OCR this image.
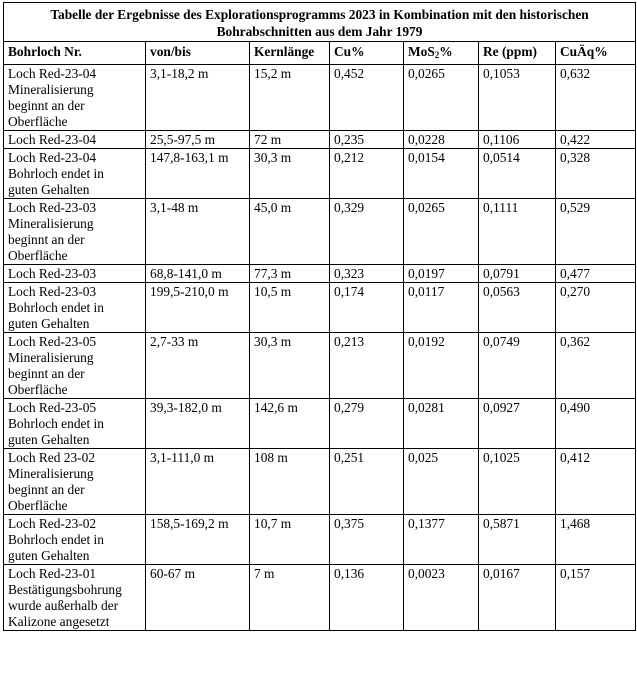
Tabelle der Ergebnisse des Explorationsprogramms 2023 in Kombination mit den historischen
Bohrabschnitten aus dem Jahr 1979						

Bohrloch Nr.	von/bis	Kernlänge	Cu%	MoS$_2$%	Re (ppm)	CuÄq%

Loch Red-23-04
Mineralisierung
beginnt an der
Oberfläche	3,1-18,2 m	15,2 m	0,452	0,0265	0,1053	0,632

Loch Red-23-04	25,5-97,5 m	72 m	0,235	0,0228	0,1106	0,422

Loch Red-23-04
Bohrloch endet in
guten Gehalten	147,8-163,1 m	30,3 m	0,212	0,0154	0,0514	0,328

Loch Red-23-03
Mineralisierung
beginnt an der
Oberfläche	3,1-48 m	45,0 m	0,329	0,0265	0,1111	0,529

Loch Red-23-03	68,8-141,0 m	77,3 m	0,323	0,0197	0,0791	0,477

Loch Red-23-03
Bohrloch endet in
guten Gehalten	199,5-210,0 m	10,5 m	0,174	0,0117	0,0563	0,270

Loch Red-23-05
Mineralisierung
beginnt an der
Oberfläche	2,7-33 m	30,3 m	0,213	0,0192	0,0749	0,362

Loch Red-23-05
Bohrloch endet in
guten Gehalten	39,3-182,0 m	142,6 m	0,279	0,0281	0,0927	0,490

Loch Red 23-02
Mineralisierung
beginnt an der
Oberfläche	3,1-111,0 m	108 m	0,251	0,025	0,1025	0,412

Loch Red-23-02
Bohrloch endet in
guten Gehalten	158,5-169,2 m	10,7 m	0,375	0,1377	0,5871	1,468

Loch Red-23-01
Bestätigungsbohrung
wurde außerhalb der
Kalizone angesetzt	60-67 m	7 m	0,136	0,0023	0,0167	0,157
